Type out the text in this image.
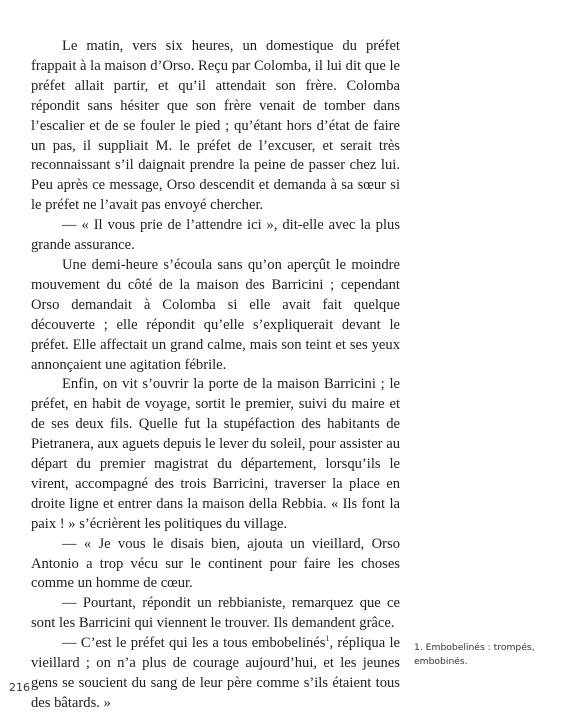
Le matin, vers six heures, un domestique du préfet frappait à la maison d’Orso. Reçu par Colomba, il lui dit que le préfet allait partir, et qu’il attendait son frère. Colomba répondit sans hésiter que son frère venait de tomber dans l’escalier et de se fouler le pied ; qu’étant hors d’état de faire un pas, il suppliait M. le préfet de l’excuser, et serait très reconnaissant s’il daignait prendre la peine de passer chez lui. Peu après ce message, Orso descendit et demanda à sa sœur si le préfet ne l’avait pas envoyé chercher.

— « Il vous prie de l’attendre ici », dit-elle avec la plus grande assurance.

Une demi-heure s’écoula sans qu’on aperçût le moindre mouvement du côté de la maison des Barricini ; cependant Orso demandait à Colomba si elle avait fait quelque découverte ; elle répondit qu’elle s’expliquerait devant le préfet. Elle affectait un grand calme, mais son teint et ses yeux annonçaient une agitation fébrile.

Enfin, on vit s’ouvrir la porte de la maison Barricini ; le préfet, en habit de voyage, sortit le premier, suivi du maire et de ses deux fils. Quelle fut la stupéfaction des habitants de Pietranera, aux aguets depuis le lever du soleil, pour assister au départ du premier magistrat du département, lorsqu’ils le virent, accompagné des trois Barricini, traverser la place en droite ligne et entrer dans la maison della Rebbia. « Ils font la paix ! » s’écrièrent les politiques du village.

— « Je vous le disais bien, ajouta un vieillard, Orso Antonio a trop vécu sur le continent pour faire les choses comme un homme de cœur.

— Pourtant, répondit un rebbianiste, remarquez que ce sont les Barricini qui viennent le trouver. Ils demandent grâce.

— C’est le préfet qui les a tous embobelinés$^1$, répliqua le vieillard ; on n’a plus de courage aujourd’hui, et les jeunes gens se soucient du sang de leur père comme s’ils étaient tous des bâtards. »

1. Embobelinés : trompés, embobinés.

216
